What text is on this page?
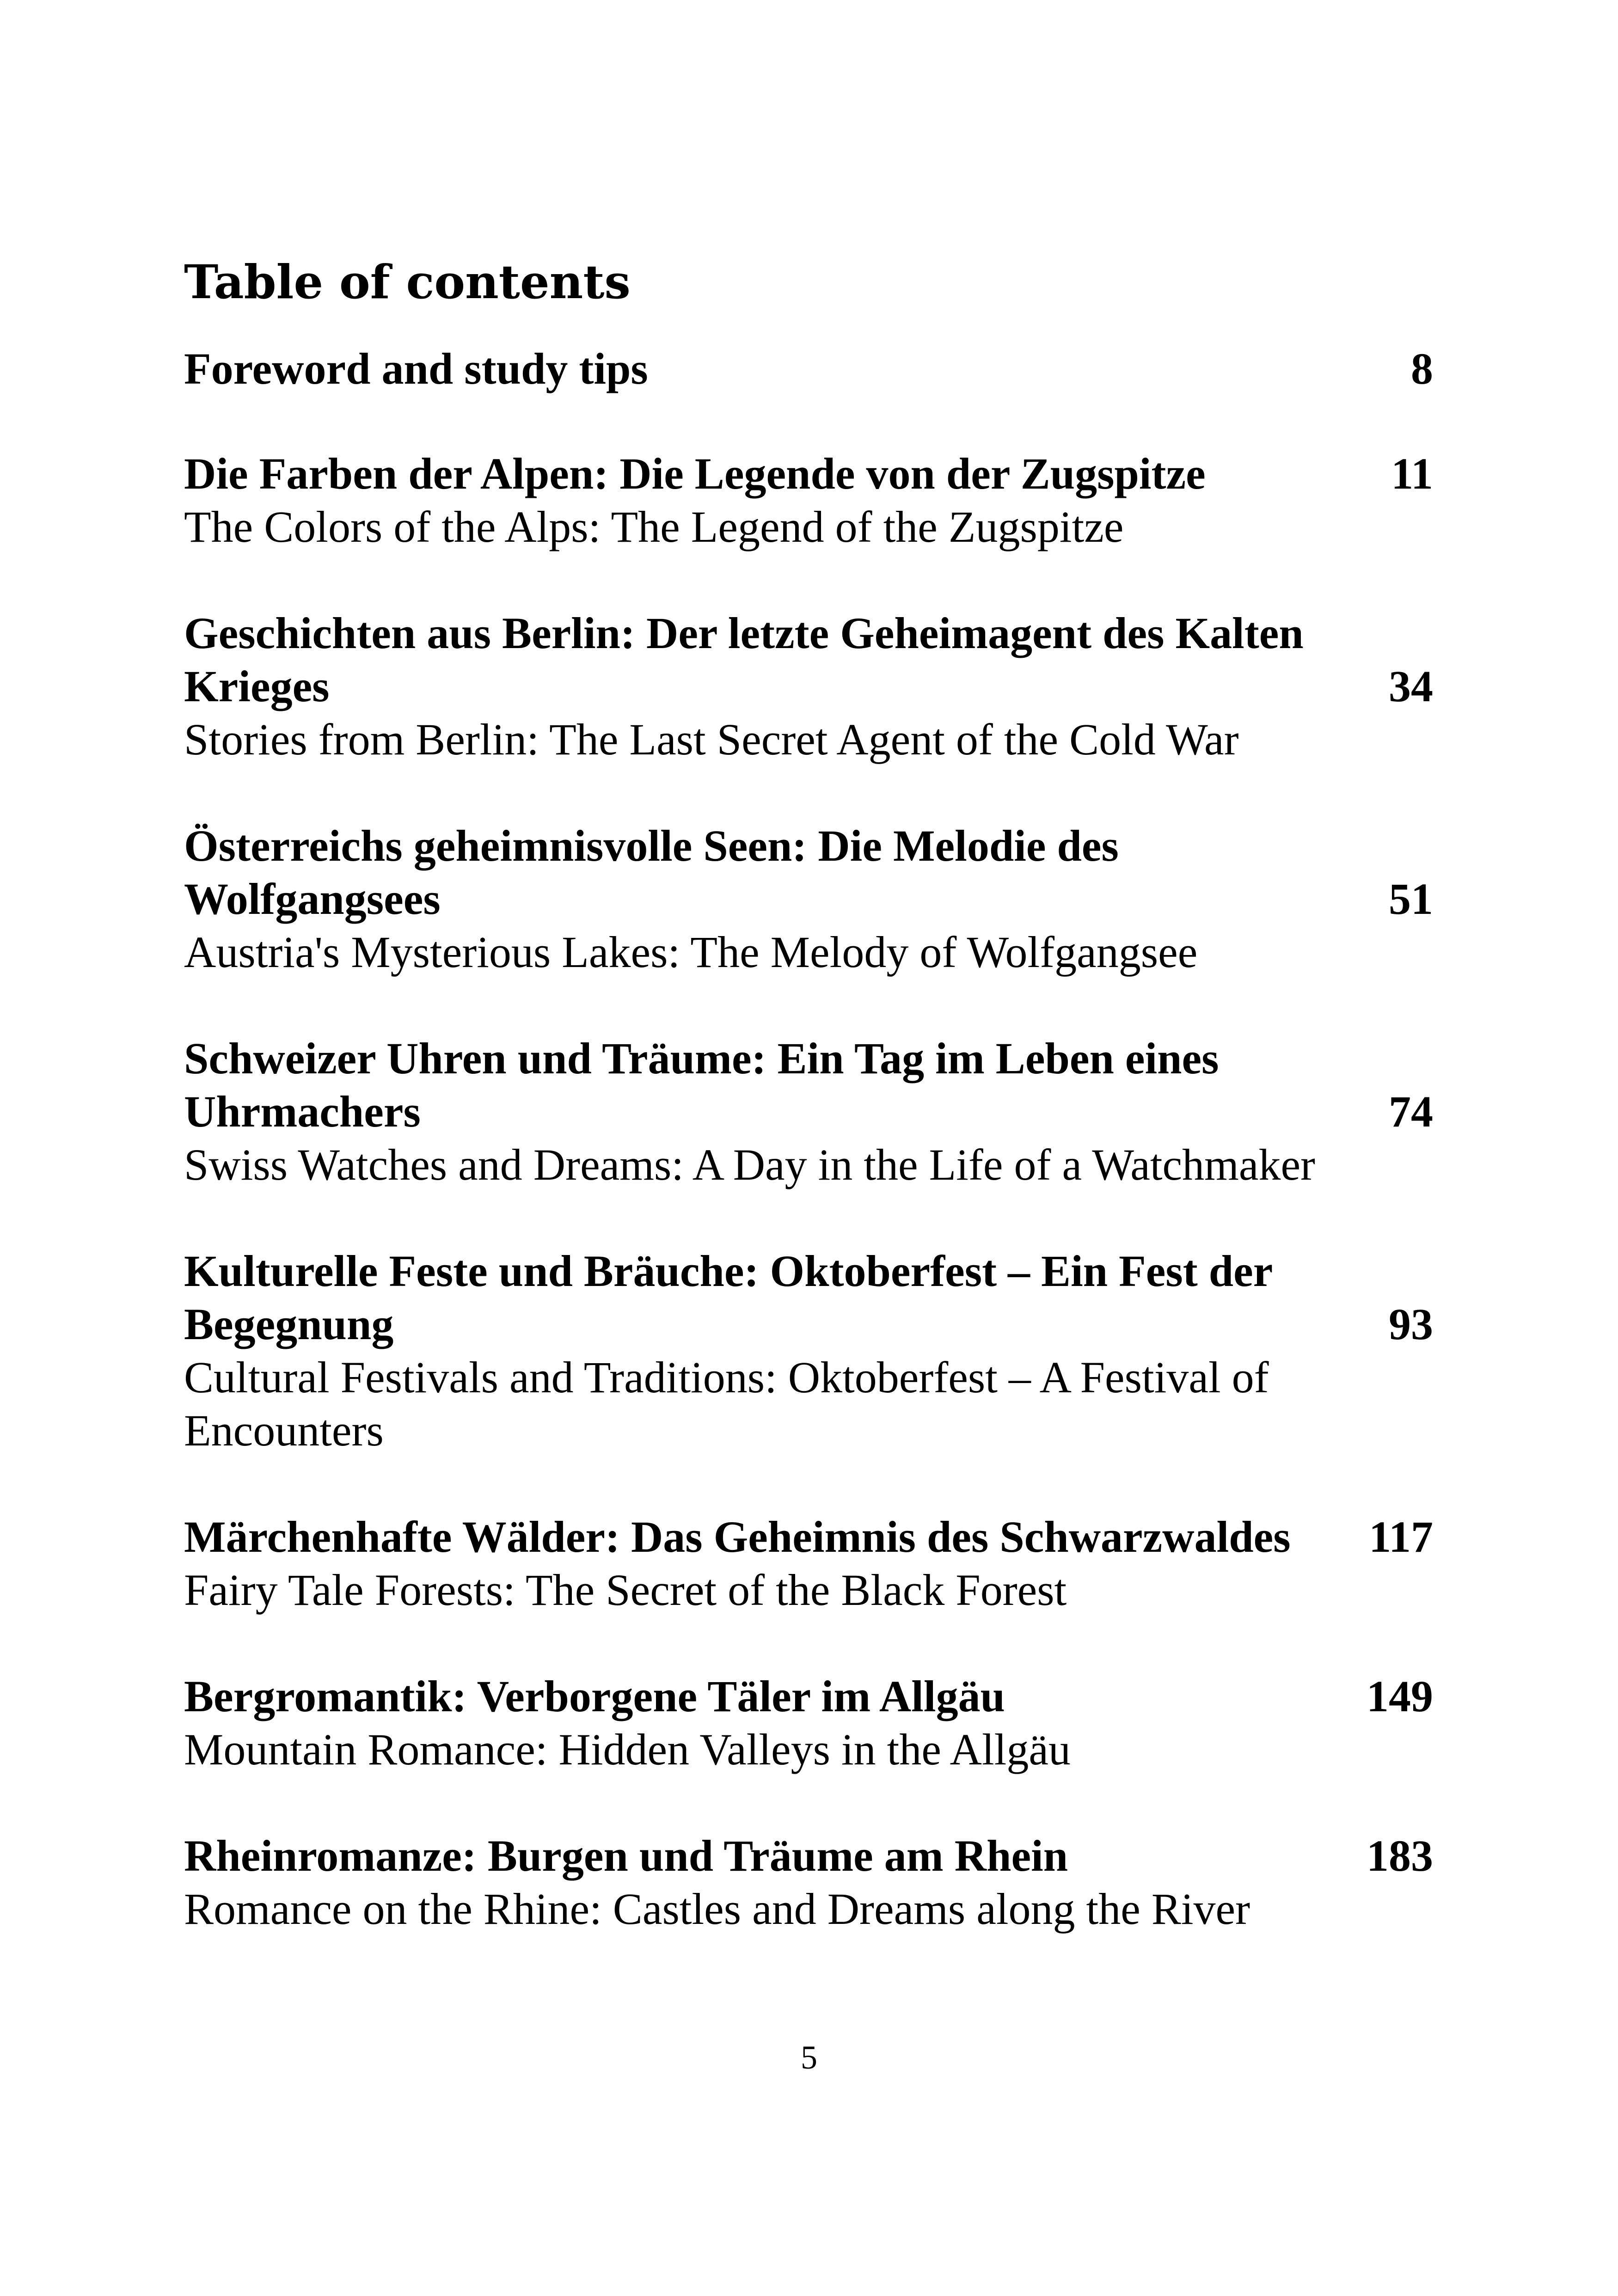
Table of contents
Foreword and study tips	8
Die Farben der Alpen: Die Legende von der Zugspitze	11
The Colors of the Alps: The Legend of the Zugspitze
Geschichten aus Berlin: Der letzte Geheimagent des Kalten Krieges	34
Stories from Berlin: The Last Secret Agent of the Cold War
Österreichs geheimnisvolle Seen: Die Melodie des Wolfgangsees	51
Austria's Mysterious Lakes: The Melody of Wolfgangsee
Schweizer Uhren und Träume: Ein Tag im Leben eines Uhrmachers	74
Swiss Watches and Dreams: A Day in the Life of a Watchmaker
Kulturelle Feste und Bräuche: Oktoberfest – Ein Fest der Begegnung	93
Cultural Festivals and Traditions: Oktoberfest – A Festival of Encounters
Märchenhafte Wälder: Das Geheimnis des Schwarzwaldes	117
Fairy Tale Forests: The Secret of the Black Forest
Bergromantik: Verborgene Täler im Allgäu	149
Mountain Romance: Hidden Valleys in the Allgäu
Rheinromanze: Burgen und Träume am Rhein	183
Romance on the Rhine: Castles and Dreams along the River
5
